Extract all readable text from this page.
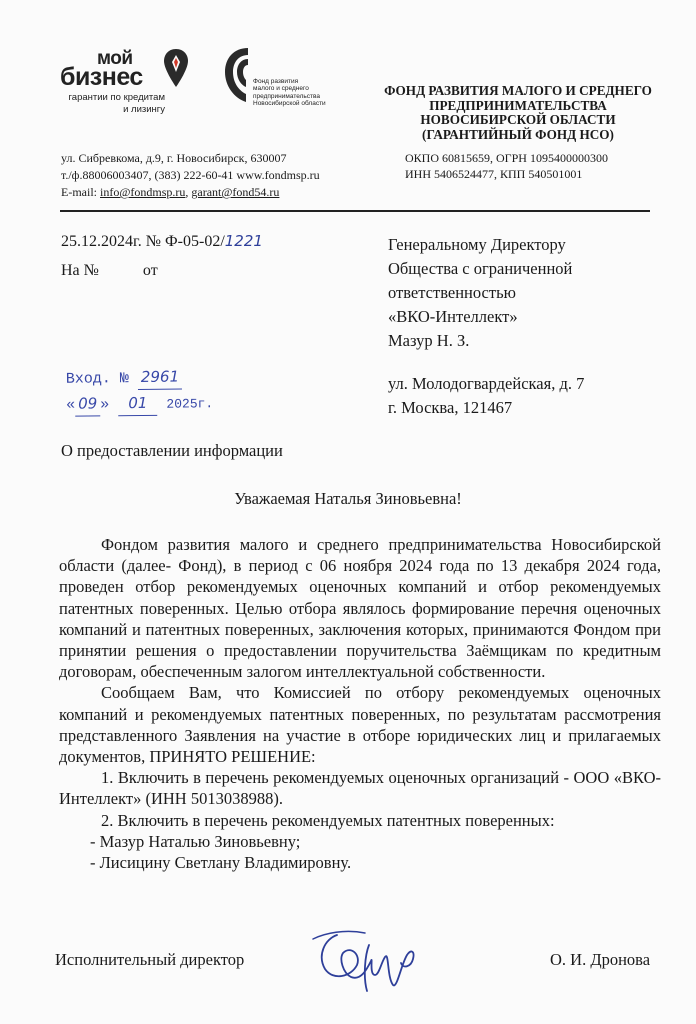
мой
бизнес
гарантии по кредитам
и лизингу
Фонд развития
малого и среднего
предпринимательства
Новосибирской области
ФОНД РАЗВИТИЯ МАЛОГО И СРЕДНЕГО
ПРЕДПРИНИМАТЕЛЬСТВА
НОВОСИБИРСКОЙ ОБЛАСТИ
(ГАРАНТИЙНЫЙ ФОНД НСО)
ОКПО 60815659, ОГРН 1095400000300
ИНН 5406524477, КПП 540501001
ул. Сибревкома, д.9, г. Новосибирск, 630007
т./ф.88006003407, (383) 222-60-41 www.fondmsp.ru
E-mail: info@fondmsp.ru, garant@fond54.ru
25.12.2024г. № Ф-05-02/1221
На №	от
Вход. № 2961
« 09 » 01 2025г.
Генеральному Директору
Общества с ограниченной
ответственностью
«ВКО-Интеллект»
Мазур Н. З.
ул. Молодогвардейская, д. 7
г. Москва, 121467
О предоставлении информации
Уважаемая Наталья Зиновьевна!

Фондом развития малого и среднего предпринимательства Новосибирской области (далее- Фонд), в период с 06 ноября 2024 года по 13 декабря 2024 года, проведен отбор рекомендуемых оценочных компаний и отбор рекомендуемых патентных поверенных. Целью отбора являлось формирование перечня оценочных компаний и патентных поверенных, заключения которых, принимаются Фондом при принятии решения о предоставлении поручительства Заёмщикам по кредитным договорам, обеспеченным залогом интеллектуальной собственности.

Сообщаем Вам, что Комиссией по отбору рекомендуемых оценочных компаний и рекомендуемых патентных поверенных, по результатам рассмотрения представленного Заявления на участие в отборе юридических лиц и прилагаемых документов, ПРИНЯТО РЕШЕНИЕ:

1. Включить в перечень рекомендуемых оценочных организаций - ООО «ВКО-Интеллект» (ИНН 5013038988).

2. Включить в перечень рекомендуемых патентных поверенных:

- Мазур Наталью Зиновьевну;

- Лисицину Светлану Владимировну.

Исполнительный директор	О. И. Дронова
